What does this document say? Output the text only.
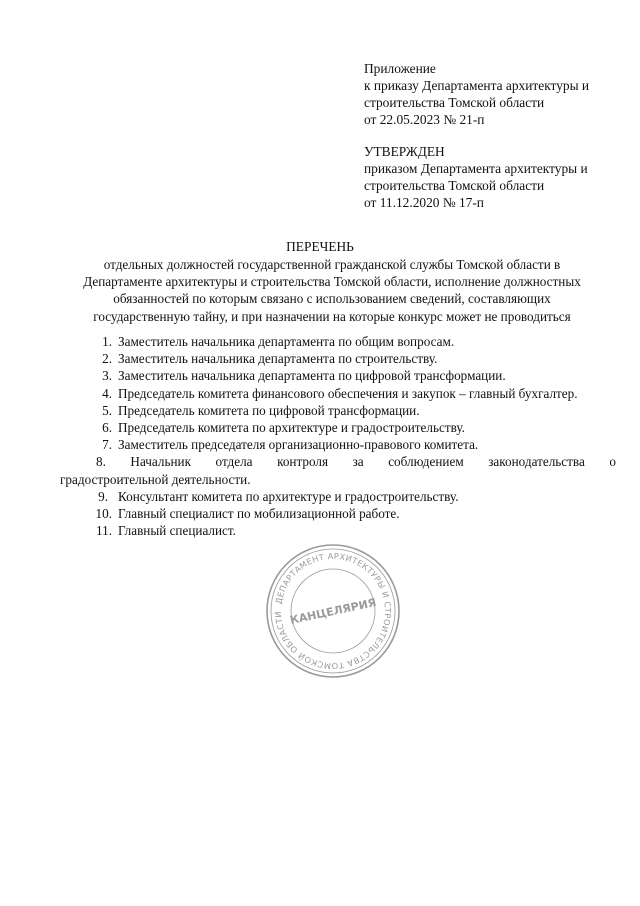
Приложение
к приказу Департамента архитектуры и
строительства Томской области
от 22.05.2023 № 21-п
УТВЕРЖДЕН
приказом Департамента архитектуры и
строительства Томской области
от 11.12.2020 № 17-п
ПЕРЕЧЕНЬ
отдельных должностей государственной гражданской службы Томской области в
Департаменте архитектуры и строительства Томской области, исполнение должностных
обязанностей по которым связано с использованием сведений, составляющих
государственную тайну, и при назначении на которые конкурс может не проводиться
1. Заместитель начальника департамента по общим вопросам.
2. Заместитель начальника департамента по строительству.
3. Заместитель начальника департамента по цифровой трансформации.
4. Председатель комитета финансового обеспечения и закупок – главный бухгалтер.
5. Председатель комитета по цифровой трансформации.
6. Председатель комитета по архитектуре и градостроительству.
7. Заместитель председателя организационно-правового комитета.
8. Начальник отдела контроля за соблюдением законодательства о
градостроительной деятельности.
9. Консультант комитета по архитектуре и градостроительству.
10. Главный специалист по мобилизационной работе.
11. Главный специалист.
ДЕПАРТАМЕНТ АРХИТЕКТУРЫ И СТРОИТЕЛЬСТВА ТОМСКОЙ ОБЛАСТИ КАНЦЕЛЯРИЯ
